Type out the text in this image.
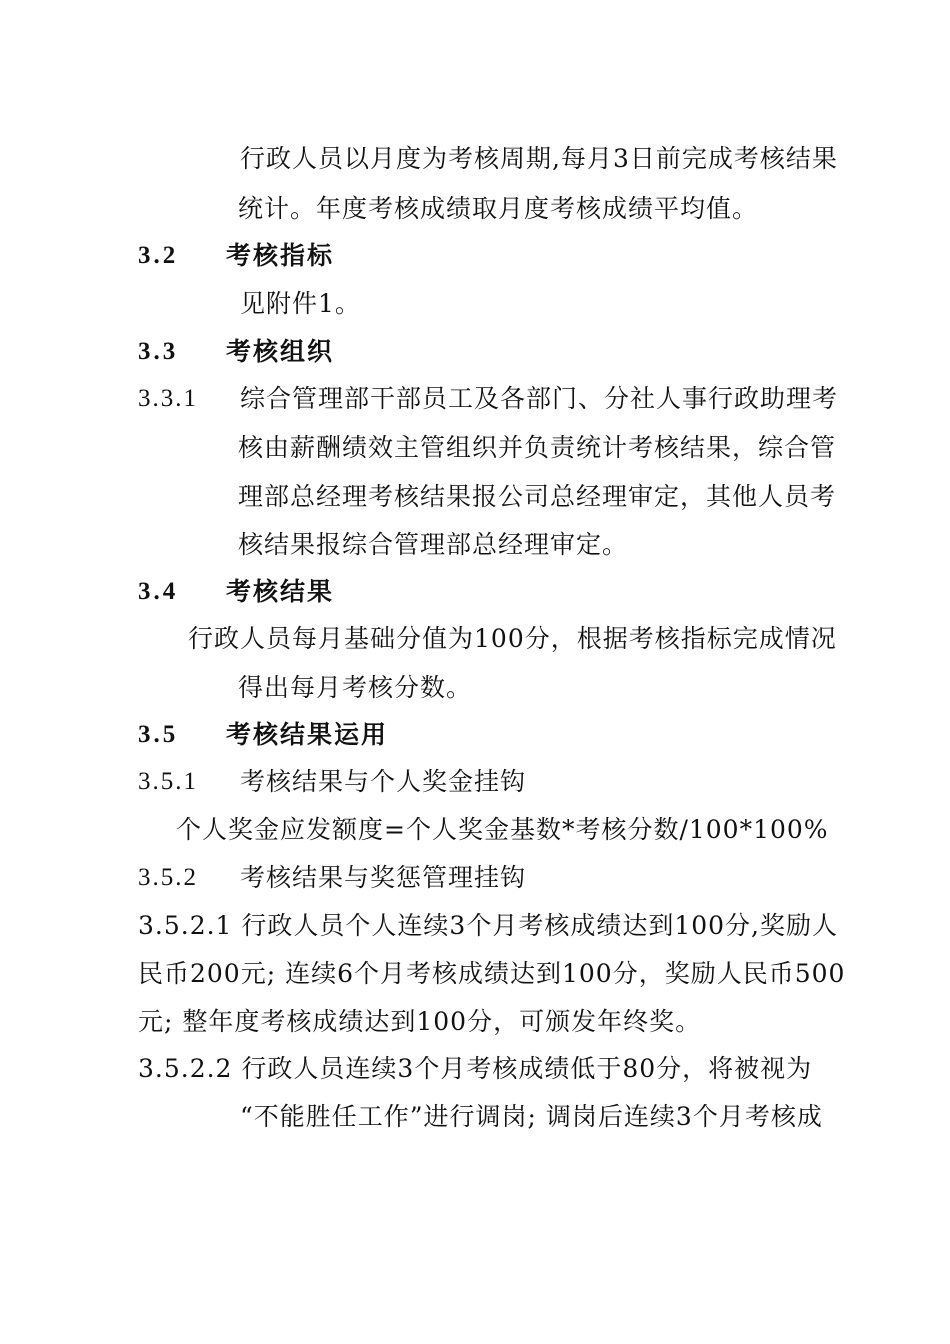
行政人员以月度为考核周期,每月3日前完成考核结果
统计。年度考核成绩取月度考核成绩平均值。
3.2 考核指标
见附件1。
3.3 考核组织
3.3.1 综合管理部干部员工及各部门、分社人事行政助理考
核由薪酬绩效主管组织并负责统计考核结果，综合管
理部总经理考核结果报公司总经理审定，其他人员考
核结果报综合管理部总经理审定。
3.4 考核结果
行政人员每月基础分值为100分，根据考核指标完成情况
得出每月考核分数。
3.5 考核结果运用
3.5.1 考核结果与个人奖金挂钩
个人奖金应发额度=个人奖金基数*考核分数/100*100%
3.5.2 考核结果与奖惩管理挂钩
3.5.2.1 行政人员个人连续3个月考核成绩达到100分,奖励人
民币200元; 连续6个月考核成绩达到100分，奖励人民币500
元; 整年度考核成绩达到100分，可颁发年终奖。
3.5.2.2 行政人员连续3个月考核成绩低于80分，将被视为
“不能胜任工作”进行调岗; 调岗后连续3个月考核成
